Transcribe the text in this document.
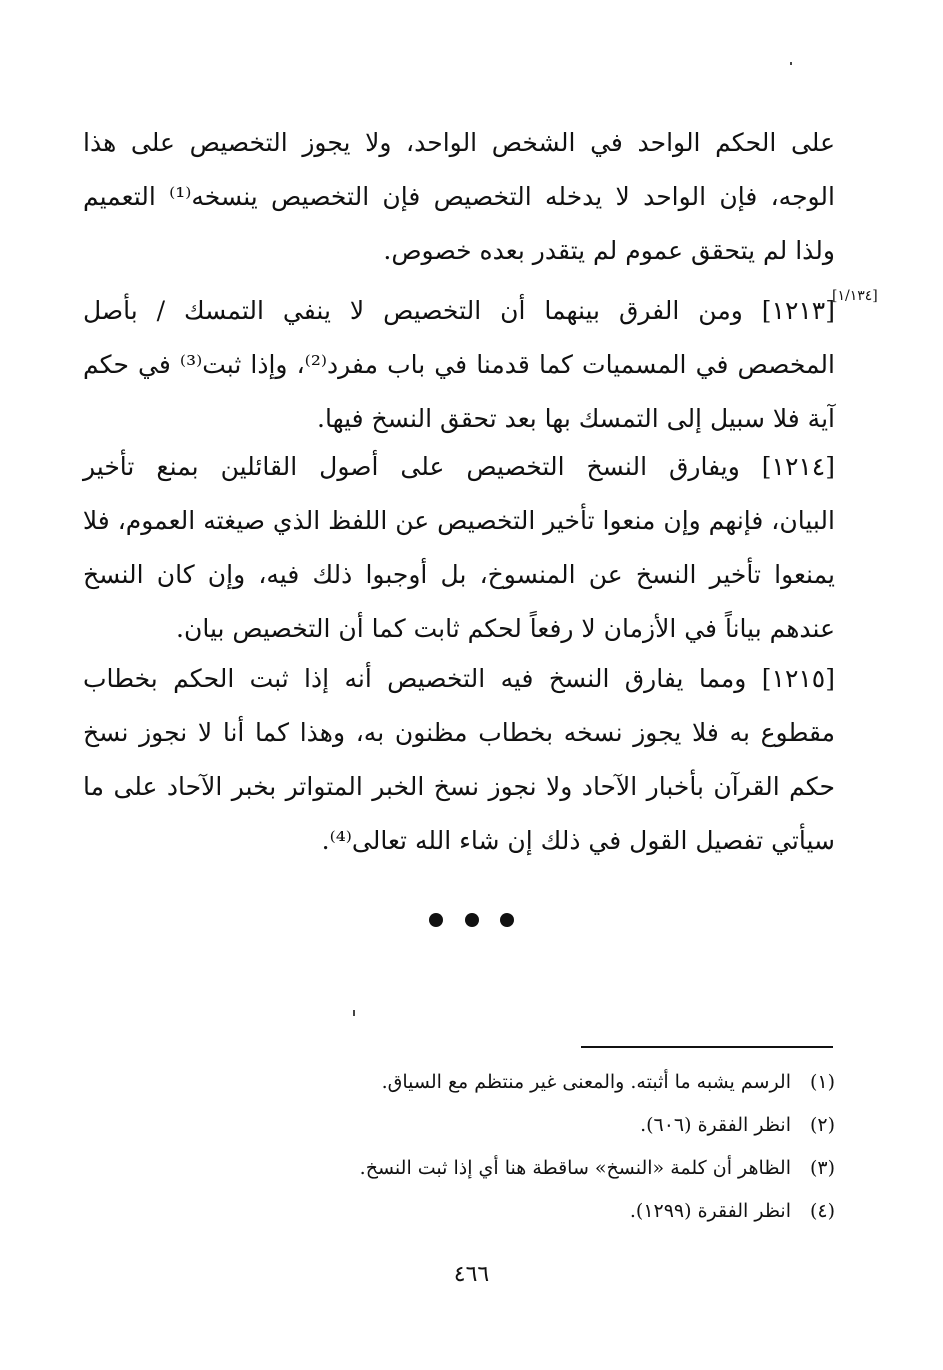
على الحكم الواحد في الشخص الواحد، ولا يجوز التخصيص على هذا
الوجه، فإن الواحد لا يدخله التخصيص فإن التخصيص ينسخه⁽¹⁾ التعميم
ولذا لم يتحقق عموم لم يتقدر بعده خصوص.
[١/١٣٤]
[١٢١٣] ومن الفرق بينهما أن التخصيص لا ينفي التمسك / بأصل
المخصص في المسميات كما قدمنا في باب مفرد⁽²⁾، وإذا ثبت⁽³⁾ في حكم
آية فلا سبيل إلى التمسك بها بعد تحقق النسخ فيها.
[١٢١٤] ويفارق النسخ التخصيص على أصول القائلين بمنع تأخير
البيان، فإنهم وإن منعوا تأخير التخصيص عن اللفظ الذي صيغته العموم، فلا
يمنعوا تأخير النسخ عن المنسوخ، بل أوجبوا ذلك فيه، وإن كان النسخ
عندهم بياناً في الأزمان لا رفعاً لحكم ثابت كما أن التخصيص بيان.
[١٢١٥] ومما يفارق النسخ فيه التخصيص أنه إذا ثبت الحكم بخطاب
مقطوع به فلا يجوز نسخه بخطاب مظنون به، وهذا كما أنا لا نجوز نسخ
حكم القرآن بأخبار الآحاد ولا نجوز نسخ الخبر المتواتر بخبر الآحاد على ما
سيأتي تفصيل القول في ذلك إن شاء الله تعالى⁽⁴⁾.

(١)الرسم يشبه ما أثبته. والمعنى غير منتظم مع السياق.
(٢)انظر الفقرة (٦٠٦).
(٣)الظاهر أن كلمة «النسخ» ساقطة هنا أي إذا ثبت النسخ.
(٤)انظر الفقرة (١٢٩٩).
٤٦٦
